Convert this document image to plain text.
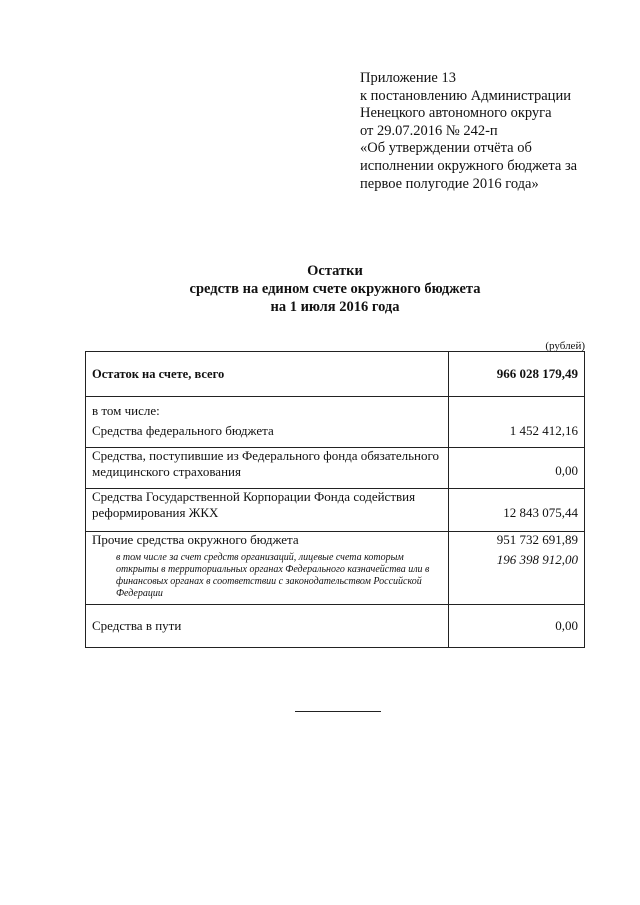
Приложение 13
к постановлению Администрации
Ненецкого автономного округа
от 29.07.2016 № 242-п
«Об утверждении отчёта об
исполнении окружного бюджета за
первое полугодие 2016 года»
Остатки
средств на едином счете окружного бюджета
на 1 июля 2016 года
(рублей)
Остаток на счете, всего	966 028 179,49
в том числе:	
Средства федерального бюджета	1 452 412,16
Средства, поступившие из Федерального фонда обязательного медицинского страхования	0,00
Средства Государственной Корпорации Фонда содействия реформирования ЖКХ	12 843 075,44
Прочие средства окружного бюджета	951 732 691,89

в том числе за счет средств организаций, лицевые счета которым открыты в территориальных органах Федерального казначейства или в финансовых органах в соответствии с законодательством Российской Федерации	196 398 912,00
Средства в пути	0,00
